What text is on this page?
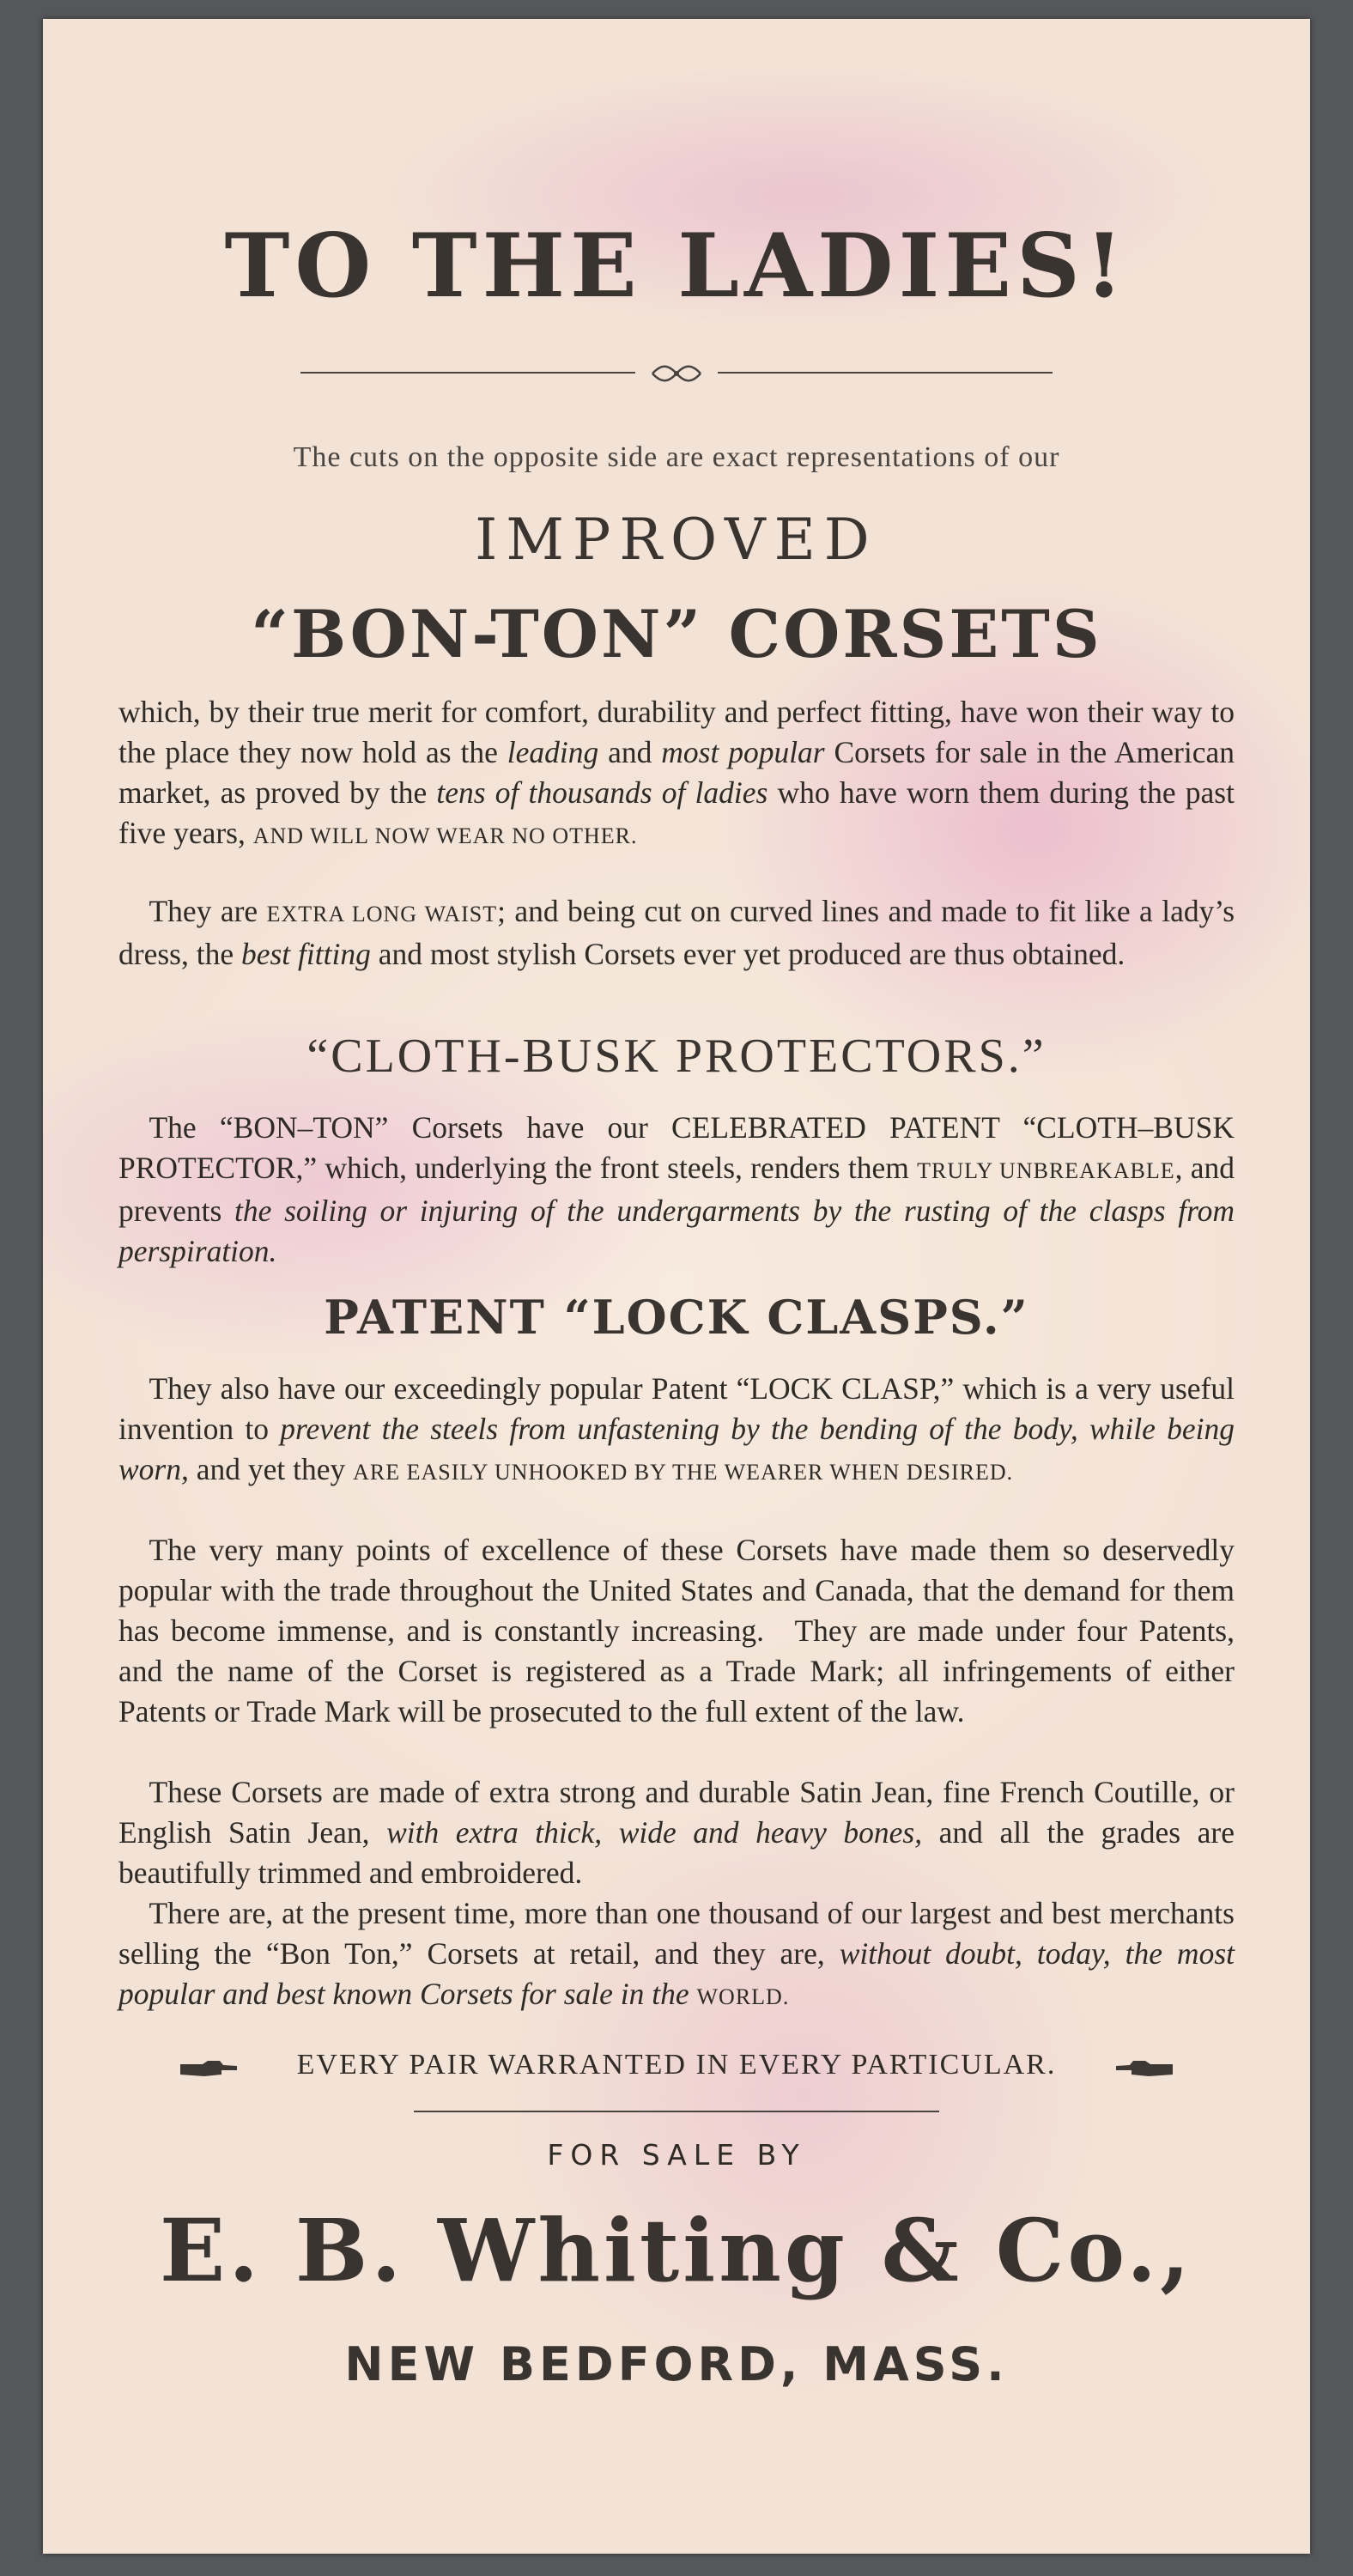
TO THE LADIES!
The cuts on the opposite side are exact representations of our
IMPROVED
“BON-TON” CORSETS
which, by their true merit for comfort, durability and perfect fitting, have won their way to the place they now hold as the leading and most popular Corsets for sale in the American market, as proved by the tens of thousands of ladies who have worn them during the past five years, AND WILL NOW WEAR NO OTHER.
 They are EXTRA LONG WAIST; and being cut on curved lines and made to fit like a lady’s dress, the best fitting and most stylish Corsets ever yet produced are thus obtained.
“CLOTH-BUSK PROTECTORS.”
 The “BON–TON” Corsets have our CELEBRATED PATENT “CLOTH–BUSK PROTECTOR,” which, underlying the front steels, renders them TRULY UNBREAKABLE, and prevents the soiling or injuring of the undergarments by the rusting of the clasps from perspiration.
PATENT “LOCK CLASPS.”
 They also have our exceedingly popular Patent “LOCK CLASP,” which is a very useful invention to prevent the steels from unfastening by the bending of the body, while being worn, and yet they ARE EASILY UNHOOKED BY THE WEARER WHEN DESIRED.
 The very many points of excellence of these Corsets have made them so deservedly popular with the trade throughout the United States and Canada, that the demand for them has become immense, and is constantly increasing. They are made under four Patents, and the name of the Corset is registered as a Trade Mark; all infringements of either Patents or Trade Mark will be prosecuted to the full extent of the law.
 These Corsets are made of extra strong and durable Satin Jean, fine French Coutille, or English Satin Jean, with extra thick, wide and heavy bones, and all the grades are beautifully trimmed and embroidered.
 There are, at the present time, more than one thousand of our largest and best merchants selling the “Bon Ton,” Corsets at retail, and they are, without doubt, today, the most popular and best known Corsets for sale in the WORLD.
EVERY PAIR WARRANTED IN EVERY PARTICULAR.
FOR SALE BY
E. B. Whiting & Co.,
NEW BEDFORD, MASS.
